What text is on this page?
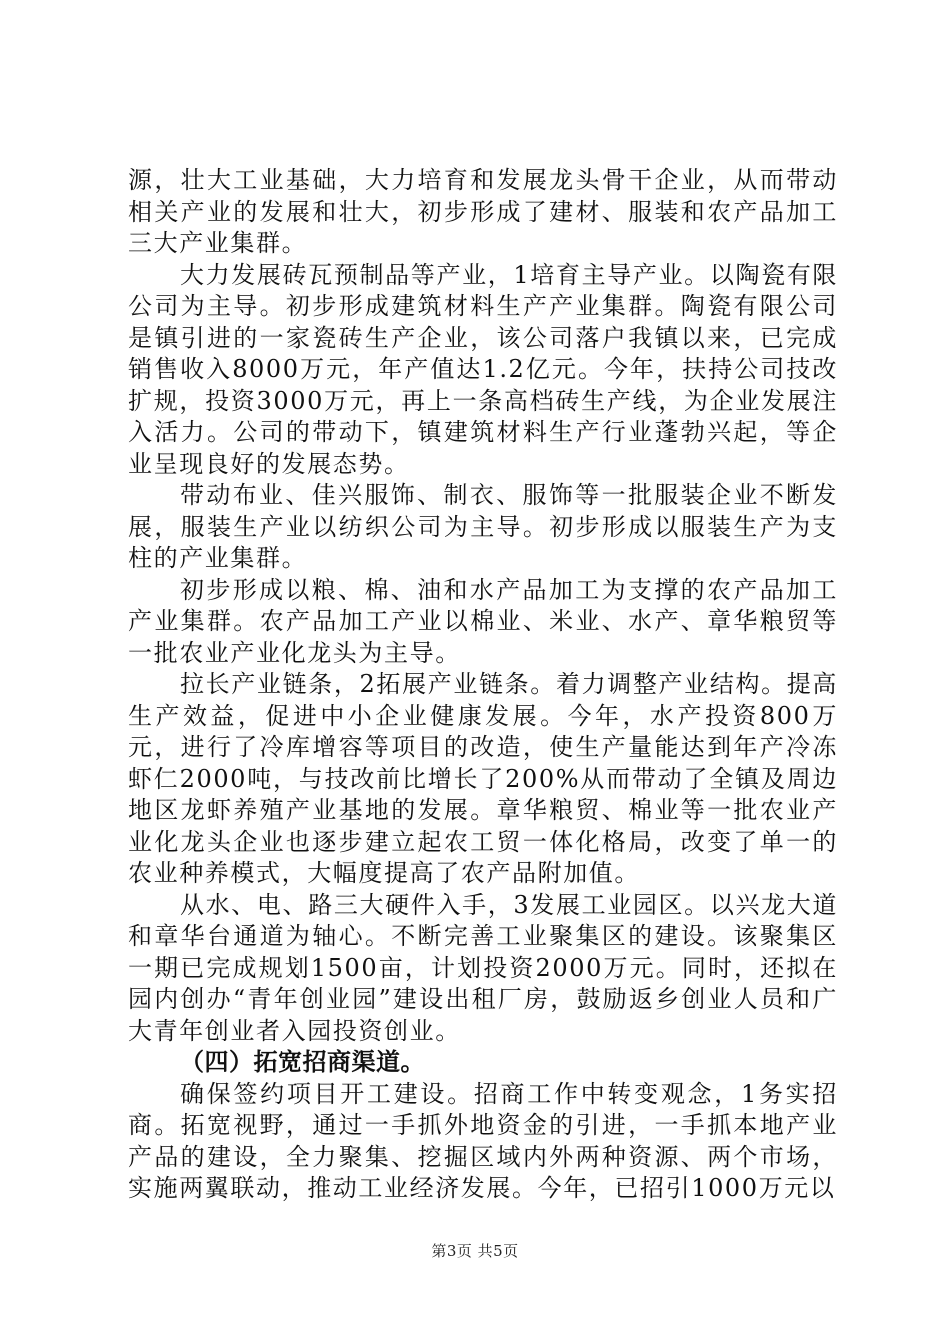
源，壮大工业基础，大力培育和发展龙头骨干企业，从而带动相关产业的发展和壮大，初步形成了建材、服装和农产品加工三大产业集群。

大力发展砖瓦预制品等产业，1培育主导产业。以陶瓷有限公司为主导。初步形成建筑材料生产产业集群。陶瓷有限公司是镇引进的一家瓷砖生产企业，该公司落户我镇以来，已完成销售收入8000万元，年产值达1.2亿元。今年，扶持公司技改扩规，投资3000万元，再上一条高档砖生产线，为企业发展注入活力。公司的带动下，镇建筑材料生产行业蓬勃兴起，等企业呈现良好的发展态势。

带动布业、佳兴服饰、制衣、服饰等一批服装企业不断发展，服装生产业以纺织公司为主导。初步形成以服装生产为支柱的产业集群。

初步形成以粮、棉、油和水产品加工为支撑的农产品加工产业集群。农产品加工产业以棉业、米业、水产、章华粮贸等一批农业产业化龙头为主导。

拉长产业链条，2拓展产业链条。着力调整产业结构。提高生产效益，促进中小企业健康发展。今年，水产投资800万元，进行了冷库增容等项目的改造，使生产量能达到年产冷冻虾仁2000吨，与技改前比增长了200%从而带动了全镇及周边地区龙虾养殖产业基地的发展。章华粮贸、棉业等一批农业产业化龙头企业也逐步建立起农工贸一体化格局，改变了单一的农业种养模式，大幅度提高了农产品附加值。

从水、电、路三大硬件入手，3发展工业园区。以兴龙大道和章华台通道为轴心。不断完善工业聚集区的建设。该聚集区一期已完成规划1500亩，计划投资2000万元。同时，还拟在园内创办“青年创业园”建设出租厂房，鼓励返乡创业人员和广大青年创业者入园投资创业。

（四）拓宽招商渠道。

确保签约项目开工建设。招商工作中转变观念，1务实招商。拓宽视野，通过一手抓外地资金的引进，一手抓本地产业产品的建设，全力聚集、挖掘区域内外两种资源、两个市场，实施两翼联动，推动工业经济发展。今年，已招引1000万元以

第3页 共5页
